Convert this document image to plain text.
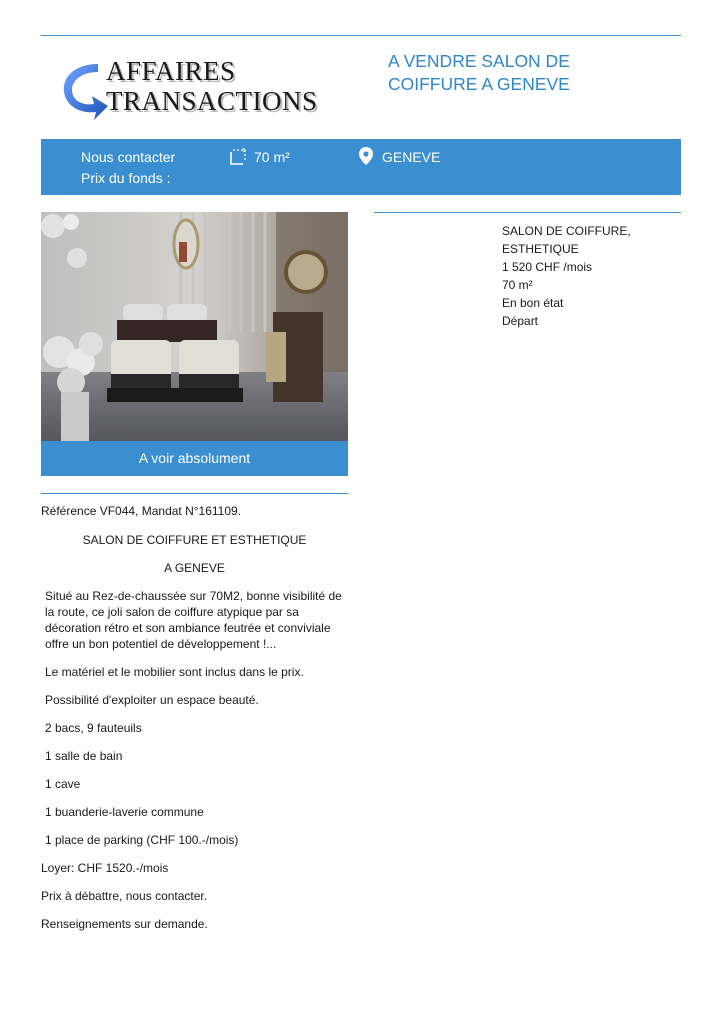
AFFAIRES
TRANSACTIONS
A VENDRE SALON DE
COIFFURE A GENEVE
Nous contacter
Prix du fonds :
70 m²	GENEVE
A voir absolument
SALON DE COIFFURE,
ESTHETIQUE
1 520 CHF /mois
70 m²
En bon état
Départ
Référence VF044, Mandat N°161109.
SALON DE COIFFURE ET ESTHETIQUE
A GENEVE
Situé au Rez-de-chaussée sur 70M2, bonne visibilité de
la route, ce joli salon de coiffure atypique par sa
décoration rétro et son ambiance feutrée et conviviale
offre un bon potentiel de développement !...
Le matériel et le mobilier sont inclus dans le prix.
Possibilité d'exploiter un espace beauté.
2 bacs, 9 fauteuils
1 salle de bain
1 cave
1 buanderie-laverie commune
1 place de parking (CHF 100.-/mois)
Loyer: CHF 1520.-/mois
Prix à débattre, nous contacter.
Renseignements sur demande.
